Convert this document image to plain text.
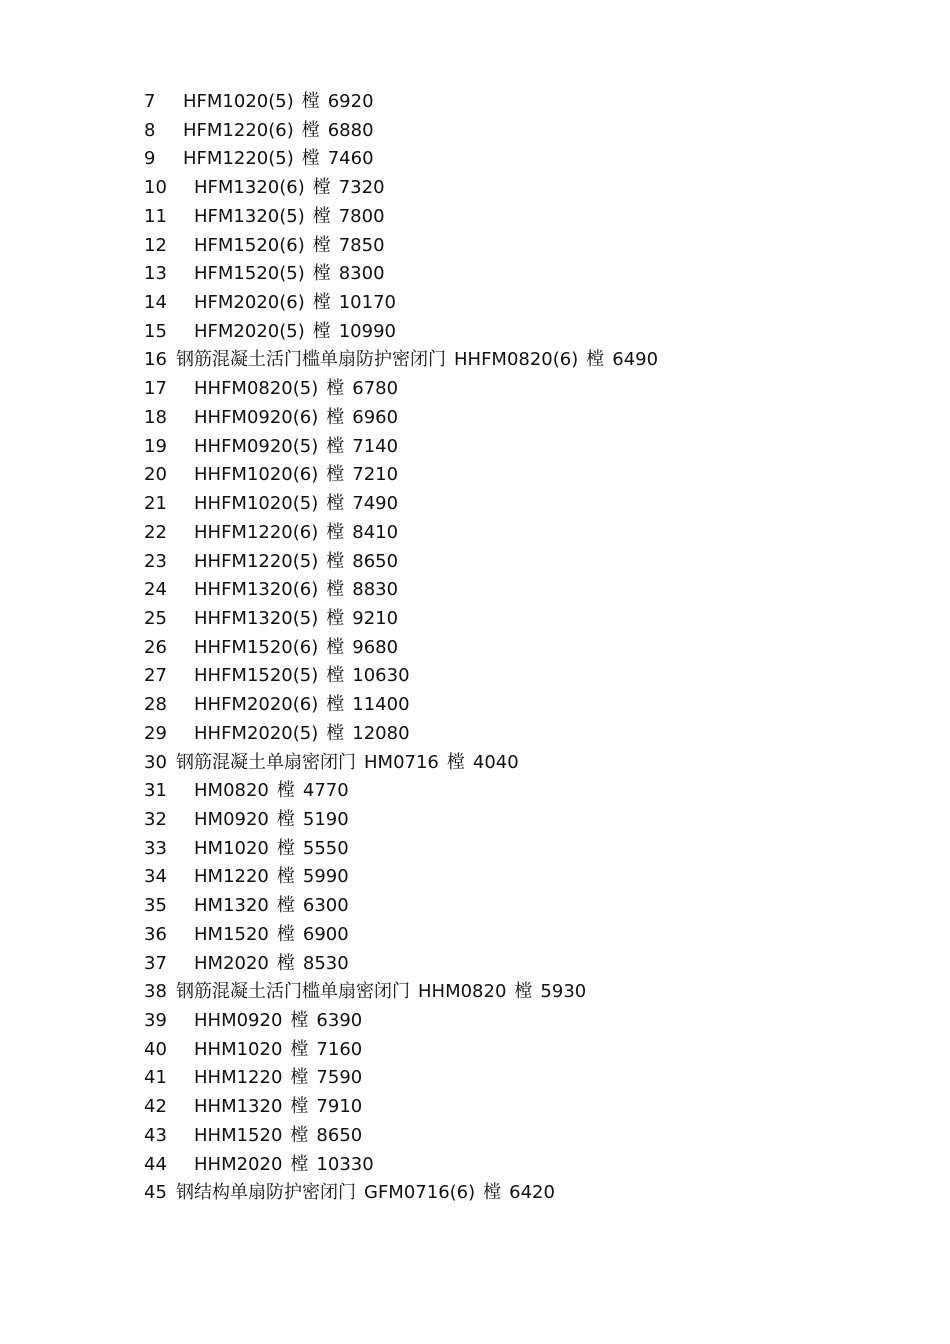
7 HFM1020(5) 樘 6920
8 HFM1220(6) 樘 6880
9 HFM1220(5) 樘 7460
10 HFM1320(6) 樘 7320
11 HFM1320(5) 樘 7800
12 HFM1520(6) 樘 7850
13 HFM1520(5) 樘 8300
14 HFM2020(6) 樘 10170
15 HFM2020(5) 樘 10990
16 钢筋混凝土活门槛单扇防护密闭门 HHFM0820(6) 樘 6490
17 HHFM0820(5) 樘 6780
18 HHFM0920(6) 樘 6960
19 HHFM0920(5) 樘 7140
20 HHFM1020(6) 樘 7210
21 HHFM1020(5) 樘 7490
22 HHFM1220(6) 樘 8410
23 HHFM1220(5) 樘 8650
24 HHFM1320(6) 樘 8830
25 HHFM1320(5) 樘 9210
26 HHFM1520(6) 樘 9680
27 HHFM1520(5) 樘 10630
28 HHFM2020(6) 樘 11400
29 HHFM2020(5) 樘 12080
30 钢筋混凝土单扇密闭门 HM0716 樘 4040
31 HM0820 樘 4770
32 HM0920 樘 5190
33 HM1020 樘 5550
34 HM1220 樘 5990
35 HM1320 樘 6300
36 HM1520 樘 6900
37 HM2020 樘 8530
38 钢筋混凝土活门槛单扇密闭门 HHM0820 樘 5930
39 HHM0920 樘 6390
40 HHM1020 樘 7160
41 HHM1220 樘 7590
42 HHM1320 樘 7910
43 HHM1520 樘 8650
44 HHM2020 樘 10330
45 钢结构单扇防护密闭门 GFM0716(6) 樘 6420
